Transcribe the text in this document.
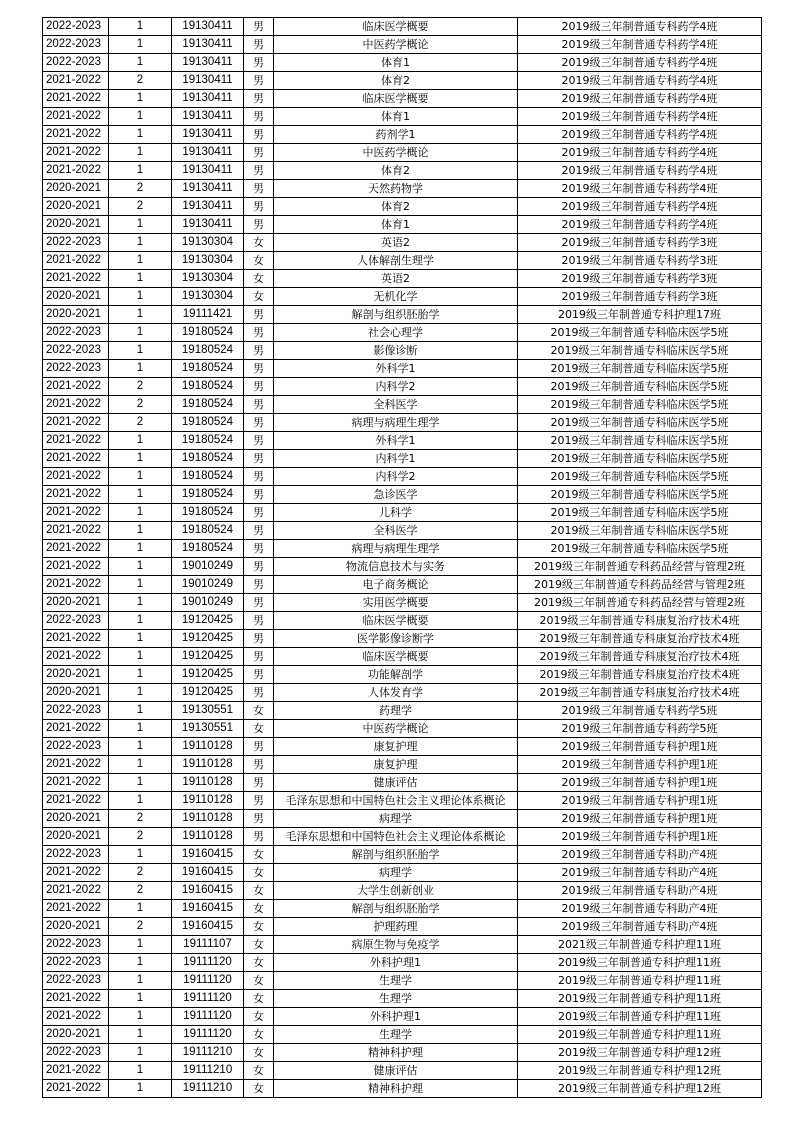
2022-2023	1	19130411	男	临床医学概要	2019级三年制普通专科药学4班
2022-2023	1	19130411	男	中医药学概论	2019级三年制普通专科药学4班
2022-2023	1	19130411	男	体育1	2019级三年制普通专科药学4班
2021-2022	2	19130411	男	体育2	2019级三年制普通专科药学4班
2021-2022	1	19130411	男	临床医学概要	2019级三年制普通专科药学4班
2021-2022	1	19130411	男	体育1	2019级三年制普通专科药学4班
2021-2022	1	19130411	男	药剂学1	2019级三年制普通专科药学4班
2021-2022	1	19130411	男	中医药学概论	2019级三年制普通专科药学4班
2021-2022	1	19130411	男	体育2	2019级三年制普通专科药学4班
2020-2021	2	19130411	男	天然药物学	2019级三年制普通专科药学4班
2020-2021	2	19130411	男	体育2	2019级三年制普通专科药学4班
2020-2021	1	19130411	男	体育1	2019级三年制普通专科药学4班
2022-2023	1	19130304	女	英语2	2019级三年制普通专科药学3班
2021-2022	1	19130304	女	人体解剖生理学	2019级三年制普通专科药学3班
2021-2022	1	19130304	女	英语2	2019级三年制普通专科药学3班
2020-2021	1	19130304	女	无机化学	2019级三年制普通专科药学3班
2020-2021	1	19111421	男	解剖与组织胚胎学	2019级三年制普通专科护理17班
2022-2023	1	19180524	男	社会心理学	2019级三年制普通专科临床医学5班
2022-2023	1	19180524	男	影像诊断	2019级三年制普通专科临床医学5班
2022-2023	1	19180524	男	外科学1	2019级三年制普通专科临床医学5班
2021-2022	2	19180524	男	内科学2	2019级三年制普通专科临床医学5班
2021-2022	2	19180524	男	全科医学	2019级三年制普通专科临床医学5班
2021-2022	2	19180524	男	病理与病理生理学	2019级三年制普通专科临床医学5班
2021-2022	1	19180524	男	外科学1	2019级三年制普通专科临床医学5班
2021-2022	1	19180524	男	内科学1	2019级三年制普通专科临床医学5班
2021-2022	1	19180524	男	内科学2	2019级三年制普通专科临床医学5班
2021-2022	1	19180524	男	急诊医学	2019级三年制普通专科临床医学5班
2021-2022	1	19180524	男	儿科学	2019级三年制普通专科临床医学5班
2021-2022	1	19180524	男	全科医学	2019级三年制普通专科临床医学5班
2021-2022	1	19180524	男	病理与病理生理学	2019级三年制普通专科临床医学5班
2021-2022	1	19010249	男	物流信息技术与实务	2019级三年制普通专科药品经营与管理2班
2021-2022	1	19010249	男	电子商务概论	2019级三年制普通专科药品经营与管理2班
2020-2021	1	19010249	男	实用医学概要	2019级三年制普通专科药品经营与管理2班
2022-2023	1	19120425	男	临床医学概要	2019级三年制普通专科康复治疗技术4班
2021-2022	1	19120425	男	医学影像诊断学	2019级三年制普通专科康复治疗技术4班
2021-2022	1	19120425	男	临床医学概要	2019级三年制普通专科康复治疗技术4班
2020-2021	1	19120425	男	功能解剖学	2019级三年制普通专科康复治疗技术4班
2020-2021	1	19120425	男	人体发育学	2019级三年制普通专科康复治疗技术4班
2022-2023	1	19130551	女	药理学	2019级三年制普通专科药学5班
2021-2022	1	19130551	女	中医药学概论	2019级三年制普通专科药学5班
2022-2023	1	19110128	男	康复护理	2019级三年制普通专科护理1班
2021-2022	1	19110128	男	康复护理	2019级三年制普通专科护理1班
2021-2022	1	19110128	男	健康评估	2019级三年制普通专科护理1班
2021-2022	1	19110128	男	毛泽东思想和中国特色社会主义理论体系概论	2019级三年制普通专科护理1班
2020-2021	2	19110128	男	病理学	2019级三年制普通专科护理1班
2020-2021	2	19110128	男	毛泽东思想和中国特色社会主义理论体系概论	2019级三年制普通专科护理1班
2022-2023	1	19160415	女	解剖与组织胚胎学	2019级三年制普通专科助产4班
2021-2022	2	19160415	女	病理学	2019级三年制普通专科助产4班
2021-2022	2	19160415	女	大学生创新创业	2019级三年制普通专科助产4班
2021-2022	1	19160415	女	解剖与组织胚胎学	2019级三年制普通专科助产4班
2020-2021	2	19160415	女	护理药理	2019级三年制普通专科助产4班
2022-2023	1	19111107	女	病原生物与免疫学	2021级三年制普通专科护理11班
2022-2023	1	19111120	女	外科护理1	2019级三年制普通专科护理11班
2022-2023	1	19111120	女	生理学	2019级三年制普通专科护理11班
2021-2022	1	19111120	女	生理学	2019级三年制普通专科护理11班
2021-2022	1	19111120	女	外科护理1	2019级三年制普通专科护理11班
2020-2021	1	19111120	女	生理学	2019级三年制普通专科护理11班
2022-2023	1	19111210	女	精神科护理	2019级三年制普通专科护理12班
2021-2022	1	19111210	女	健康评估	2019级三年制普通专科护理12班
2021-2022	1	19111210	女	精神科护理	2019级三年制普通专科护理12班
